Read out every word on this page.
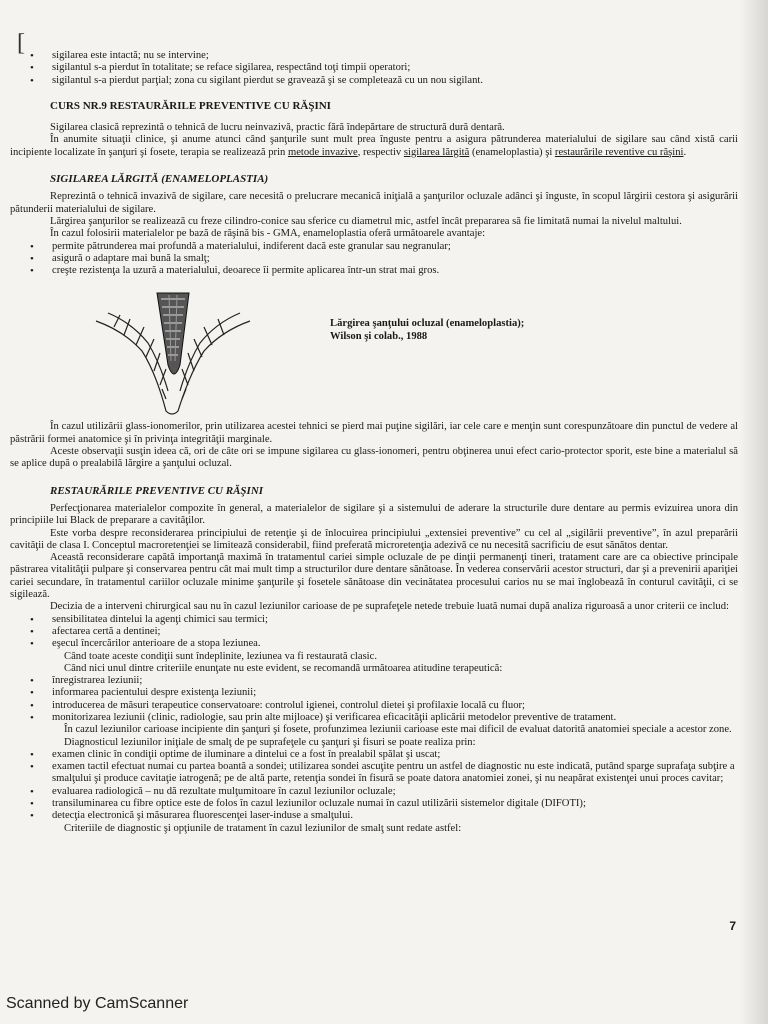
[
•	sigilarea este intactă; nu se intervine;
• sigilantul s-a pierdut în totalitate; se reface sigilarea, respectând toţi timpii operatori;
• sigilantul s-a pierdut parţial; zona cu sigilant pierdut se gravează şi se completează cu un nou sigilant.
CURS NR.9 RESTAURĂRILE PREVENTIVE CU RĂŞINI

Sigilarea clasică reprezintă o tehnică de lucru neinvazivă, practic fără îndepărtare de structură dură dentară.

În anumite situaţii clinice, şi anume atunci când şanţurile sunt mult prea înguste pentru a asigura pătrunderea materialului de sigilare sau când xistă carii incipiente localizate în şanţuri şi fosete, terapia se realizează prin metode invazive, respectiv sigilarea lărgită (enameloplastia) şi restaurările reventive cu răşini.

SIGILAREA LĂRGITĂ (ENAMELOPLASTIA)

Reprezintă o tehnică invazivă de sigilare, care necesită o prelucrare mecanică iniţială a şanţurilor ocluzale adânci şi înguste, în scopul lărgirii cestora şi asigurării pătunderii materialului de sigilare.

Lărgirea şanţurilor se realizează cu freze cilindro-conice sau sferice cu diametrul mic, astfel încât prepararea să fie limitată numai la nivelul maltului.

În cazul folosirii materialelor pe bază de răşină bis - GMA, enameloplastia oferă următoarele avantaje:

• permite pătrunderea mai profundă a materialului, indiferent dacă este granular sau negranular;
• asigură o adaptare mai bună la smalţ;
• creşte rezistenţa la uzură a materialului, deoarece îi permite aplicarea într-un strat mai gros.
Lărgirea şanţului ocluzal (enameloplastia);
Wilson şi colab., 1988

În cazul utilizării glass-ionomerilor, prin utilizarea acestei tehnici se pierd mai puţine sigilări, iar cele care e menţin sunt corespunzătoare din punctul de vedere al păstrării formei anatomice şi în privinţa integrităţii marginale.

Aceste observaţii susţin ideea că, ori de câte ori se impune sigilarea cu glass-ionomeri, pentru obţinerea unui efect cario-protector sporit, este bine a materialul să se aplice după o prealabilă lărgire a şanţului ocluzal.

RESTAURĂRILE PREVENTIVE CU RĂŞINI

Perfecţionarea materialelor compozite în general, a materialelor de sigilare şi a sistemului de aderare la structurile dure dentare au permis evizuirea unora din principiile lui Black de preparare a cavităţilor.

Este vorba despre reconsiderarea principiului de retenţie şi de înlocuirea principiului „extensiei preventive” cu cel al „sigilării preventive”, în azul preparării cavităţii de clasa I. Conceptul macroretenţiei se limitează considerabil, fiind preferată microretenţia adezivă ce nu necesită sacrificiu de esut sănătos dentar.

Această reconsiderare capătă importanţă maximă în tratamentul cariei simple ocluzale de pe dinţii permanenţi tineri, tratament care are ca obiective principale păstrarea vitalităţii pulpare şi conservarea pentru cât mai mult timp a structurilor dure dentare sănătoase. În vederea conservării acestor structuri, dar şi a prevenirii apariţiei cariei secundare, în tratamentul cariilor ocluzale minime şanţurile şi fosetele sănătoase din vecinătatea procesului carios nu se mai înglobează în conturul cavităţii, ci se sigilează.

Decizia de a interveni chirurgical sau nu în cazul leziunilor carioase de pe suprafeţele netede trebuie luată numai după analiza riguroasă a unor criterii ce includ:

• sensibilitatea dintelui la agenţi chimici sau termici;
• afectarea certă a dentinei;
• eşecul încercărilor anterioare de a stopa leziunea.

Când toate aceste condiţii sunt îndeplinite, leziunea va fi restaurată clasic.

Când nici unul dintre criteriile enunţate nu este evident, se recomandă următoarea atitudine terapeutică:

• înregistrarea leziunii;
• informarea pacientului despre existenţa leziunii;
• introducerea de măsuri terapeutice conservatoare: controlul igienei, controlul dietei şi profilaxie locală cu fluor;
• monitorizarea leziunii (clinic, radiologie, sau prin alte mijloace) şi verificarea eficacităţii aplicării metodelor preventive de tratament.

În cazul leziunilor carioase incipiente din şanţuri şi fosete, profunzimea leziunii carioase este mai dificil de evaluat datorită anatomiei speciale a acestor zone.

Diagnosticul leziunilor iniţiale de smalţ de pe suprafeţele cu şanţuri şi fisuri se poate realiza prin:

• examen clinic în condiţii optime de iluminare a dintelui ce a fost în prealabil spălat şi uscat;
• examen tactil efectuat numai cu partea boantă a sondei; utilizarea sondei ascuţite pentru un astfel de diagnostic nu este indicată, putând sparge suprafaţa subţire a smalţului şi produce cavitaţie iatrogenă; pe de altă parte, retenţia sondei în fisură se poate datora anatomiei zonei, şi nu neapărat existenţei unui proces cavitar;
• evaluarea radiologică – nu dă rezultate mulţumitoare în cazul leziunilor ocluzale;
• transiluminarea cu fibre optice este de folos în cazul leziunilor ocluzale numai în cazul utilizării sistemelor digitale (DIFOTI);
• detecţia electronică şi măsurarea fluorescenţei laser-induse a smalţului.

Criteriile de diagnostic şi opţiunile de tratament în cazul leziunilor de smalţ sunt redate astfel:

7
Scanned by CamScanner
